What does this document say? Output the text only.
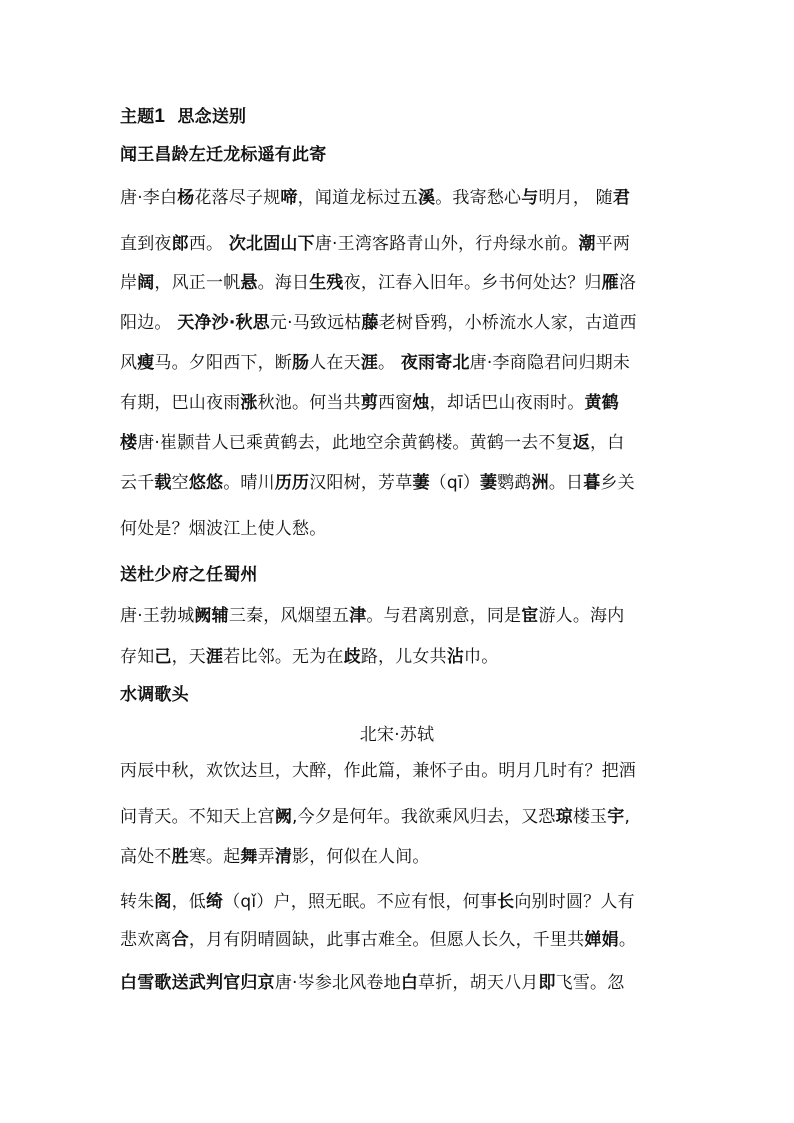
主题1 思念送别
闻王昌龄左迁龙标遥有此寄
唐·李白杨花落尽子规啼，闻道龙标过五溪。我寄愁心与明月， 随君
直到夜郎西。 次北固山下唐·王湾客路青山外，行舟绿水前。潮平两
岸阔，风正一帆悬。海日生残夜，江春入旧年。乡书何处达？归雁洛
阳边。 天净沙·秋思元·马致远枯藤老树昏鸦，小桥流水人家，古道西
风瘦马。夕阳西下，断肠人在天涯。 夜雨寄北唐·李商隐君问归期未
有期，巴山夜雨涨秋池。何当共剪西窗烛，却话巴山夜雨时。黄鹤
楼唐·崔颢昔人已乘黄鹤去，此地空余黄鹤楼。黄鹤一去不复返，白
云千载空悠悠。晴川历历汉阳树，芳草萋（qī）萋鹦鹉洲。日暮乡关
何处是？烟波江上使人愁。
送杜少府之任蜀州
唐·王勃城阙辅三秦，风烟望五津。与君离别意，同是宦游人。海内
存知己，天涯若比邻。无为在歧路，儿女共沾巾。
水调歌头
北宋·苏轼
丙辰中秋，欢饮达旦，大醉，作此篇，兼怀子由。明月几时有？把酒
问青天。不知天上宫阙,今夕是何年。我欲乘风归去，又恐琼楼玉宇,
高处不胜寒。起舞弄清影，何似在人间。
转朱阁，低绮（qǐ）户，照无眠。不应有恨，何事长向别时圆？人有
悲欢离合，月有阴晴圆缺，此事古难全。但愿人长久，千里共婵娟。
白雪歌送武判官归京唐·岑参北风卷地白草折，胡天八月即飞雪。忽
